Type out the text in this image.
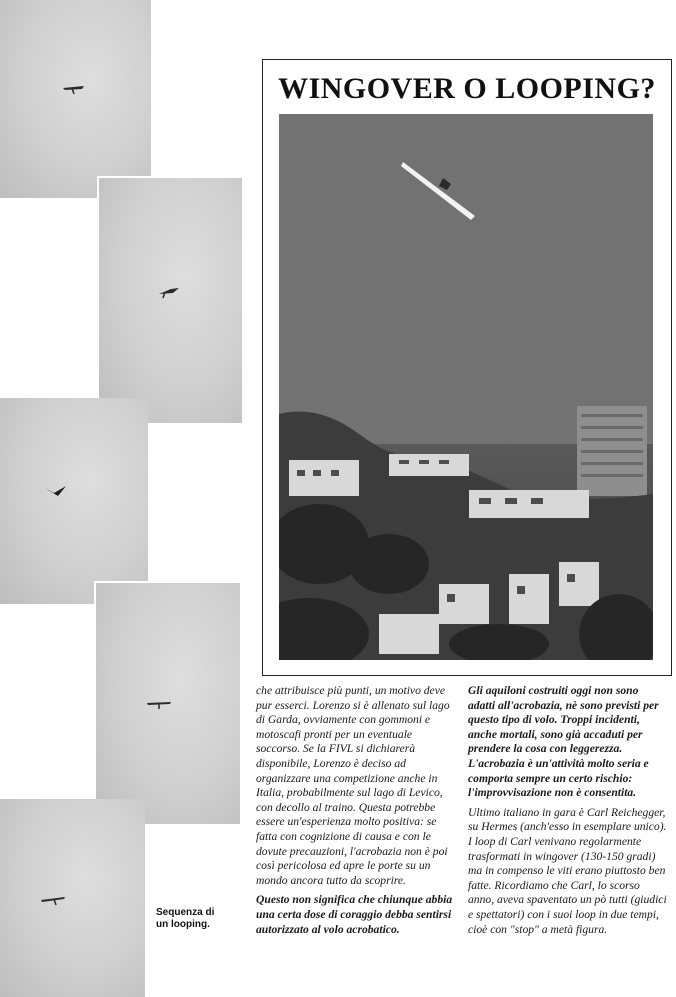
Sequenza di
un looping.
WINGOVER O LOOPING?

che attribuisce più punti, un motivo deve pur esserci. Lorenzo si è allenato sul lago di Garda, ovviamente con gommoni e motoscafi pronti per un eventuale soccorso. Se la FIVL si dichiarerà disponibile, Lorenzo è deciso ad organizzare una competizione anche in Italia, probabilmente sul lago di Levico, con decollo al traino. Questa potrebbe essere un'esperienza molto positiva: se fatta con cognizione di causa e con le dovute precauzioni, l'acrobazia non è poi così pericolosa ed apre le porte su un mondo ancora tutto da scoprire.

Questo non significa che chiunque abbia una certa dose di coraggio debba sentirsi autorizzato al volo acrobatico.

Gli aquiloni costruiti oggi non sono adatti all'acrobazia, nè sono previsti per questo tipo di volo. Troppi incidenti, anche mortali, sono già accaduti per prendere la cosa con leggerezza. L'acrobazia è un'attività molto seria e comporta sempre un certo rischio: l'improvvisazione non è consentita.

Ultimo italiano in gara è Carl Reichegger, su Hermes (anch'esso in esemplare unico). I loop di Carl venivano regolarmente trasformati in wingover (130-150 gradi) ma in compenso le viti erano piuttosto ben fatte. Ricordiamo che Carl, lo scorso anno, aveva spaventato un pò tutti (giudici e spettatori) con i suoi loop in due tempi, cioè con "stop" a metà figura.
